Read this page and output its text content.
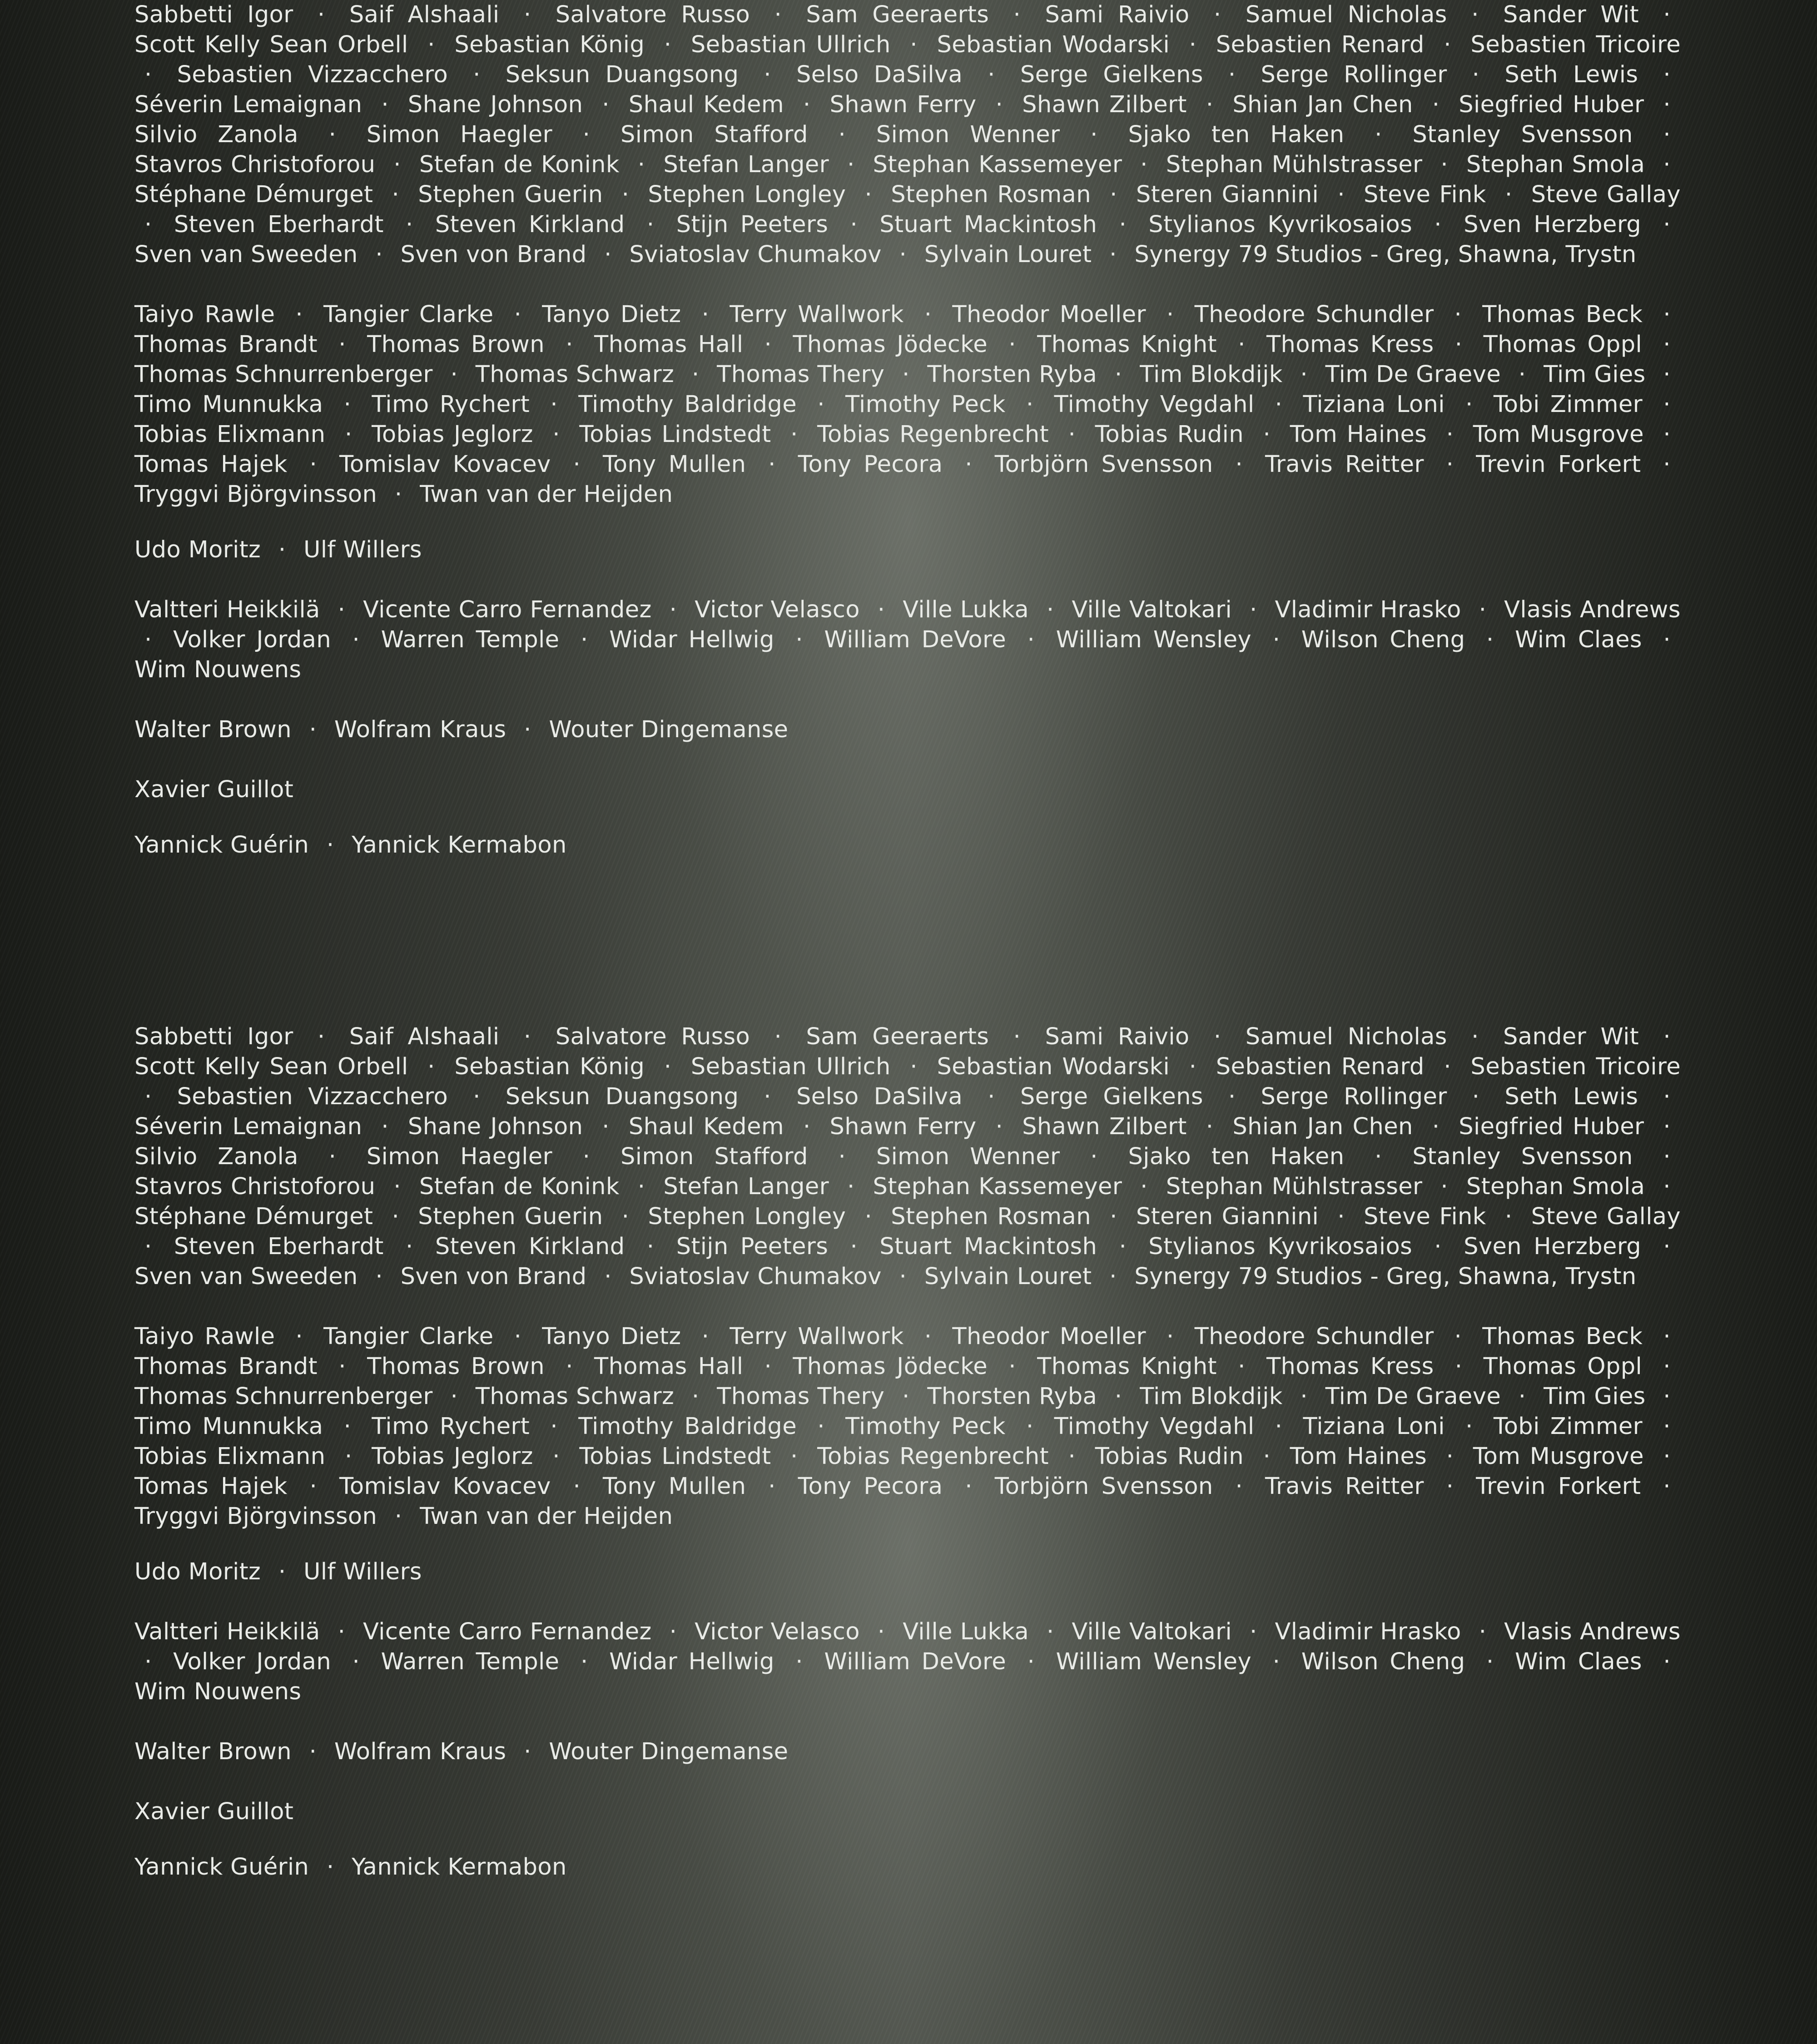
Sabbetti Igor · Saif Alshaali · Salvatore Russo · Sam Geeraerts · Sami Raivio · Samuel Nicholas · Sander Wit · Scott Kelly Sean Orbell · Sebastian König · Sebastian Ullrich · Sebastian Wodarski · Sebastien Renard · Sebastien Tricoire · Sebastien Vizzacchero · Seksun Duangsong · Selso DaSilva · Serge Gielkens · Serge Rollinger · Seth Lewis · Séverin Lemaignan · Shane Johnson · Shaul Kedem · Shawn Ferry · Shawn Zilbert · Shian Jan Chen · Siegfried Huber · Silvio Zanola · Simon Haegler · Simon Stafford · Simon Wenner · Sjako ten Haken · Stanley Svensson · Stavros Christoforou · Stefan de Konink · Stefan Langer · Stephan Kassemeyer · Stephan Mühlstrasser · Stephan Smola · Stéphane Démurget · Stephen Guerin · Stephen Longley · Stephen Rosman · Steren Giannini · Steve Fink · Steve Gallay · Steven Eberhardt · Steven Kirkland · Stijn Peeters · Stuart Mackintosh · Stylianos Kyvrikosaios · Sven Herzberg · Sven van Sweeden · Sven von Brand · Sviatoslav Chumakov · Sylvain Louret · Synergy 79 Studios - Greg, Shawna, Trystn

Taiyo Rawle · Tangier Clarke · Tanyo Dietz · Terry Wallwork · Theodor Moeller · Theodore Schundler · Thomas Beck · Thomas Brandt · Thomas Brown · Thomas Hall · Thomas Jödecke · Thomas Knight · Thomas Kress · Thomas Oppl · Thomas Schnurrenberger · Thomas Schwarz · Thomas Thery · Thorsten Ryba · Tim Blokdijk · Tim De Graeve · Tim Gies · Timo Munnukka · Timo Rychert · Timothy Baldridge · Timothy Peck · Timothy Vegdahl · Tiziana Loni · Tobi Zimmer · Tobias Elixmann · Tobias Jeglorz · Tobias Lindstedt · Tobias Regenbrecht · Tobias Rudin · Tom Haines · Tom Musgrove · Tomas Hajek · Tomislav Kovacev · Tony Mullen · Tony Pecora · Torbjörn Svensson · Travis Reitter · Trevin Forkert · Tryggvi Björgvinsson · Twan van der Heijden

Udo Moritz · Ulf Willers

Valtteri Heikkilä · Vicente Carro Fernandez · Victor Velasco · Ville Lukka · Ville Valtokari · Vladimir Hrasko · Vlasis Andrews · Volker Jordan · Warren Temple · Widar Hellwig · William DeVore · William Wensley · Wilson Cheng · Wim Claes · Wim Nouwens

Walter Brown · Wolfram Kraus · Wouter Dingemanse

Xavier Guillot

Yannick Guérin · Yannick Kermabon

Sabbetti Igor · Saif Alshaali · Salvatore Russo · Sam Geeraerts · Sami Raivio · Samuel Nicholas · Sander Wit · Scott Kelly Sean Orbell · Sebastian König · Sebastian Ullrich · Sebastian Wodarski · Sebastien Renard · Sebastien Tricoire · Sebastien Vizzacchero · Seksun Duangsong · Selso DaSilva · Serge Gielkens · Serge Rollinger · Seth Lewis · Séverin Lemaignan · Shane Johnson · Shaul Kedem · Shawn Ferry · Shawn Zilbert · Shian Jan Chen · Siegfried Huber · Silvio Zanola · Simon Haegler · Simon Stafford · Simon Wenner · Sjako ten Haken · Stanley Svensson · Stavros Christoforou · Stefan de Konink · Stefan Langer · Stephan Kassemeyer · Stephan Mühlstrasser · Stephan Smola · Stéphane Démurget · Stephen Guerin · Stephen Longley · Stephen Rosman · Steren Giannini · Steve Fink · Steve Gallay · Steven Eberhardt · Steven Kirkland · Stijn Peeters · Stuart Mackintosh · Stylianos Kyvrikosaios · Sven Herzberg · Sven van Sweeden · Sven von Brand · Sviatoslav Chumakov · Sylvain Louret · Synergy 79 Studios - Greg, Shawna, Trystn

Taiyo Rawle · Tangier Clarke · Tanyo Dietz · Terry Wallwork · Theodor Moeller · Theodore Schundler · Thomas Beck · Thomas Brandt · Thomas Brown · Thomas Hall · Thomas Jödecke · Thomas Knight · Thomas Kress · Thomas Oppl · Thomas Schnurrenberger · Thomas Schwarz · Thomas Thery · Thorsten Ryba · Tim Blokdijk · Tim De Graeve · Tim Gies · Timo Munnukka · Timo Rychert · Timothy Baldridge · Timothy Peck · Timothy Vegdahl · Tiziana Loni · Tobi Zimmer · Tobias Elixmann · Tobias Jeglorz · Tobias Lindstedt · Tobias Regenbrecht · Tobias Rudin · Tom Haines · Tom Musgrove · Tomas Hajek · Tomislav Kovacev · Tony Mullen · Tony Pecora · Torbjörn Svensson · Travis Reitter · Trevin Forkert · Tryggvi Björgvinsson · Twan van der Heijden

Udo Moritz · Ulf Willers

Valtteri Heikkilä · Vicente Carro Fernandez · Victor Velasco · Ville Lukka · Ville Valtokari · Vladimir Hrasko · Vlasis Andrews · Volker Jordan · Warren Temple · Widar Hellwig · William DeVore · William Wensley · Wilson Cheng · Wim Claes · Wim Nouwens

Walter Brown · Wolfram Kraus · Wouter Dingemanse

Xavier Guillot

Yannick Guérin · Yannick Kermabon
